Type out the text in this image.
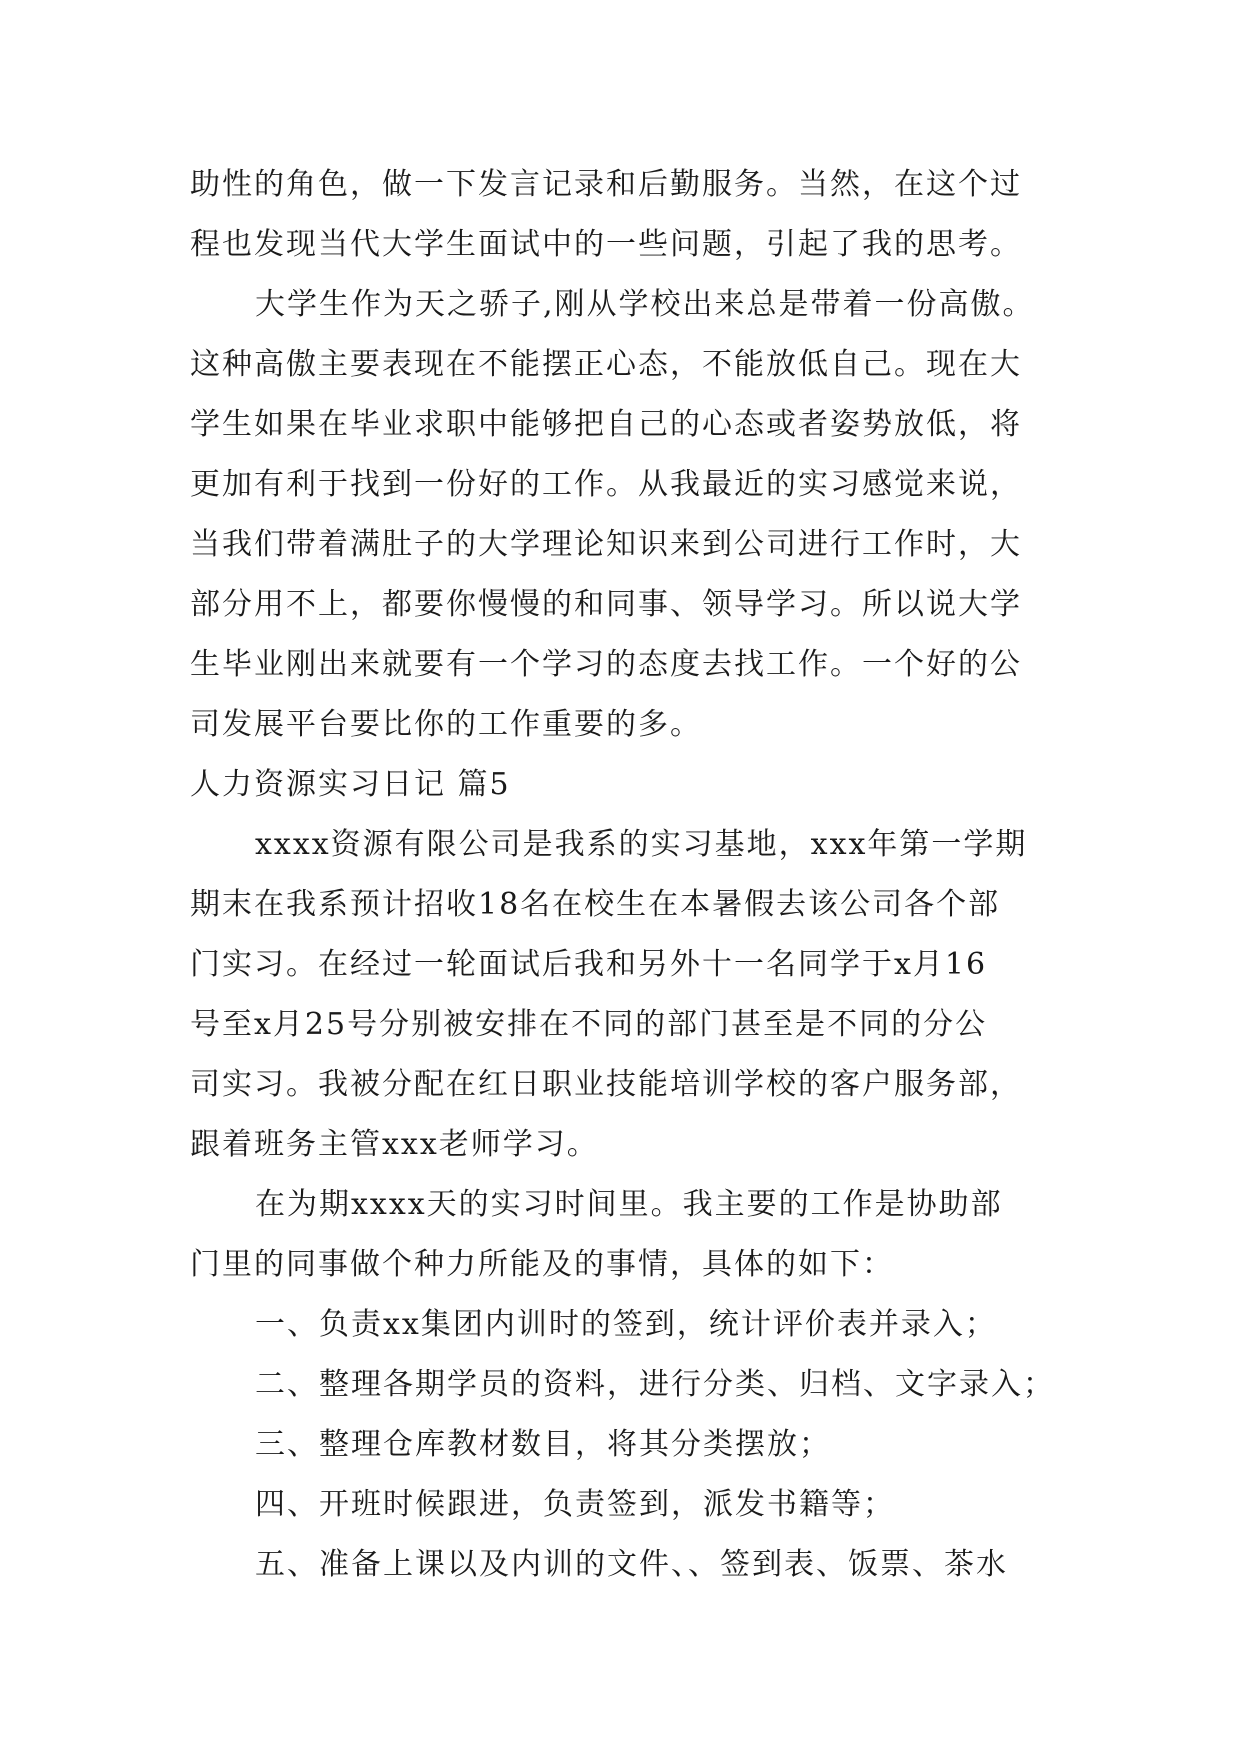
助性的角色，做一下发言记录和后勤服务。当然，在这个过
程也发现当代大学生面试中的一些问题，引起了我的思考。
大学生作为天之骄子,刚从学校出来总是带着一份高傲。
这种高傲主要表现在不能摆正心态，不能放低自己。现在大
学生如果在毕业求职中能够把自己的心态或者姿势放低，将
更加有利于找到一份好的工作。从我最近的实习感觉来说，
当我们带着满肚子的大学理论知识来到公司进行工作时，大
部分用不上，都要你慢慢的和同事、领导学习。所以说大学
生毕业刚出来就要有一个学习的态度去找工作。一个好的公
司发展平台要比你的工作重要的多。
人力资源实习日记 篇5
xxxx资源有限公司是我系的实习基地，xxx年第一学期
期末在我系预计招收18名在校生在本暑假去该公司各个部
门实习。在经过一轮面试后我和另外十一名同学于x月16
号至x月25号分别被安排在不同的部门甚至是不同的分公
司实习。我被分配在红日职业技能培训学校的客户服务部，
跟着班务主管xxx老师学习。
在为期xxxx天的实习时间里。我主要的工作是协助部
门里的同事做个种力所能及的事情，具体的如下：
一、负责xx集团内训时的签到，统计评价表并录入；
二、整理各期学员的资料，进行分类、归档、文字录入；
三、整理仓库教材数目，将其分类摆放；
四、开班时候跟进，负责签到，派发书籍等；
五、准备上课以及内训的文件、、签到表、饭票、茶水
